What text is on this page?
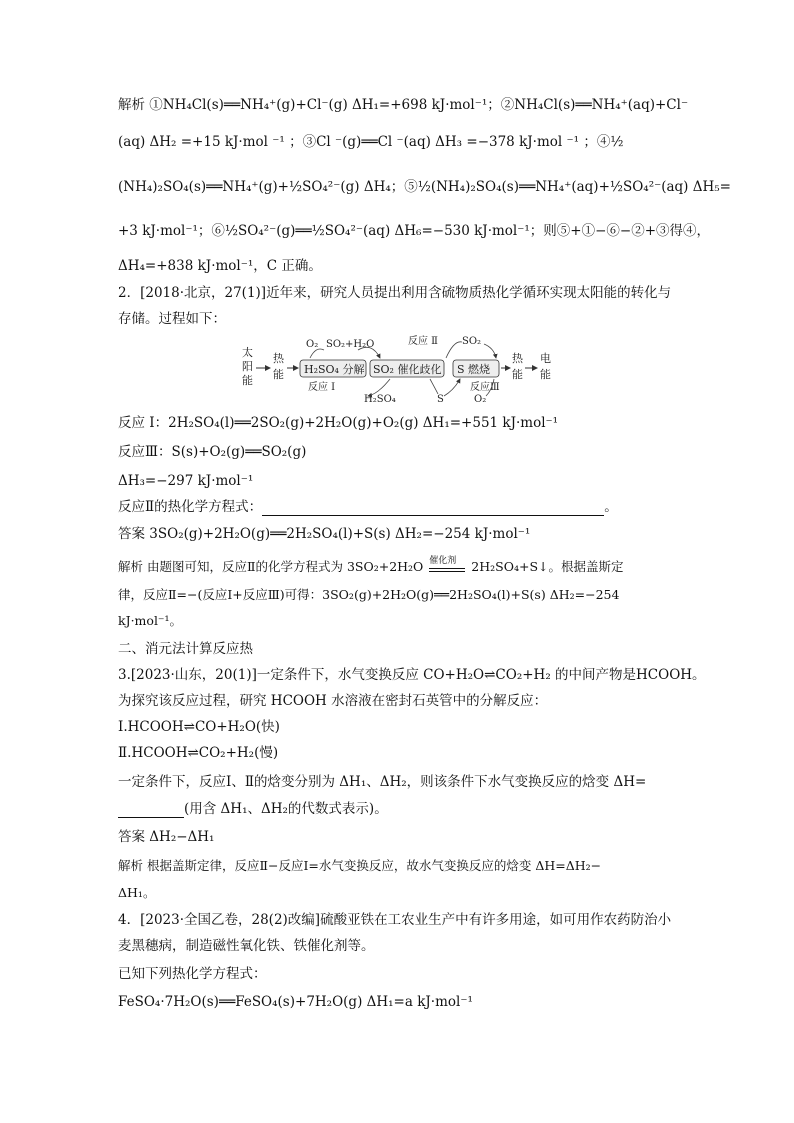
解析 ①NH₄Cl(s)══NH₄⁺(g)+Cl⁻(g) ΔH₁=+698 kJ·mol⁻¹；②NH₄Cl(s)══NH₄⁺(aq)+Cl⁻
(aq) ΔH₂ =+15 kJ·mol ⁻¹ ；③Cl ⁻(g)══Cl ⁻(aq) ΔH₃ =−378 kJ·mol ⁻¹ ；④½
(NH₄)₂SO₄(s)══NH₄⁺(g)+½SO₄²⁻(g) ΔH₄；⑤½(NH₄)₂SO₄(s)══NH₄⁺(aq)+½SO₄²⁻(aq) ΔH₅=
+3 kJ·mol⁻¹；⑥½SO₄²⁻(g)══½SO₄²⁻(aq) ΔH₆=−530 kJ·mol⁻¹；则⑤+①−⑥−②+③得④，
ΔH₄=+838 kJ·mol⁻¹，C 正确。
2．[2018·北京，27(1)]近年来，研究人员提出利用含硫物质热化学循环实现太阳能的转化与
存储。过程如下：
太
阳
能
热
能 H₂SO₄ 分解 SO₂ 催化歧化 S 燃烧
热
能
电
能
O₂ SO₂+H₂O	反应 Ⅱ SO₂
反应 Ⅰ	反应Ⅲ
H₂SO₄	S	O₂
反应 Ⅰ：2H₂SO₄(l)══2SO₂(g)+2H₂O(g)+O₂(g) ΔH₁=+551 kJ·mol⁻¹
反应Ⅲ：S(s)+O₂(g)══SO₂(g)
ΔH₃=−297 kJ·mol⁻¹
反应Ⅱ的热化学方程式：	。
答案 3SO₂(g)+2H₂O(g)══2H₂SO₄(l)+S(s) ΔH₂=−254 kJ·mol⁻¹
解析 由题图可知，反应Ⅱ的化学方程式为 3SO₂+2H₂O 催化剂 2H₂SO₄+S↓。根据盖斯定
律，反应Ⅱ=−(反应Ⅰ+反应Ⅲ)可得：3SO₂(g)+2H₂O(g)══2H₂SO₄(l)+S(s) ΔH₂=−254
kJ·mol⁻¹。
二、消元法计算反应热
3.[2023·山东，20(1)]一定条件下，水气变换反应 CO+H₂O⇌CO₂+H₂ 的中间产物是HCOOH。
为探究该反应过程，研究 HCOOH 水溶液在密封石英管中的分解反应：
Ⅰ.HCOOH⇌CO+H₂O(快)
Ⅱ.HCOOH⇌CO₂+H₂(慢)
一定条件下，反应Ⅰ、Ⅱ的焓变分别为 ΔH₁、ΔH₂，则该条件下水气变换反应的焓变 ΔH=
(用含 ΔH₁、ΔH₂的代数式表示)。
答案 ΔH₂−ΔH₁
解析 根据盖斯定律，反应Ⅱ−反应Ⅰ=水气变换反应，故水气变换反应的焓变 ΔH=ΔH₂−
ΔH₁。
4．[2023·全国乙卷，28(2)改编]硫酸亚铁在工农业生产中有许多用途，如可用作农药防治小
麦黑穗病，制造磁性氧化铁、铁催化剂等。
已知下列热化学方程式：
FeSO₄·7H₂O(s)══FeSO₄(s)+7H₂O(g) ΔH₁=a kJ·mol⁻¹
